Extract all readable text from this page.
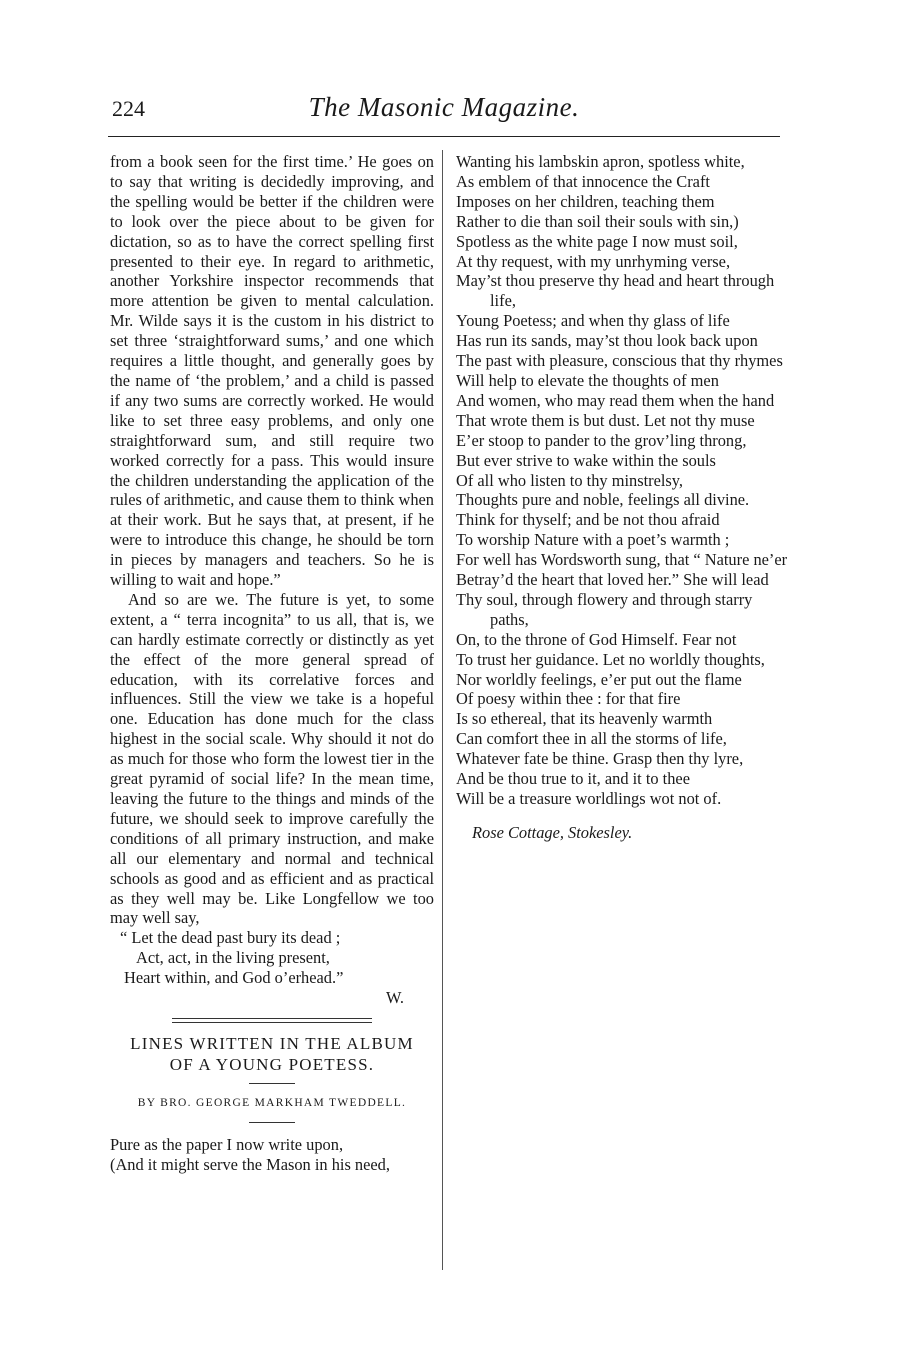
224	The Masonic Magazine.

from a book seen for the first time.’ He goes on to say that writing is decidedly improving, and the spelling would be better if the children were to look over the piece about to be given for dictation, so as to have the correct spelling first presented to their eye. In regard to arithmetic, another Yorkshire inspector recommends that more attention be given to mental calculation. Mr. Wilde says it is the custom in his district to set three ‘straightforward sums,’ and one which requires a little thought, and generally goes by the name of ‘the problem,’ and a child is passed if any two sums are correctly worked. He would like to set three easy problems, and only one straightforward sum, and still require two worked correctly for a pass. This would insure the children understanding the application of the rules of arithmetic, and cause them to think when at their work. But he says that, at present, if he were to introduce this change, he should be torn in pieces by managers and teachers. So he is willing to wait and hope.”

And so are we. The future is yet, to some extent, a “ terra incognita” to us all, that is, we can hardly estimate correctly or distinctly as yet the effect of the more general spread of education, with its correlative forces and influences. Still the view we take is a hopeful one. Education has done much for the class highest in the social scale. Why should it not do as much for those who form the lowest tier in the great pyramid of social life? In the mean time, leaving the future to the things and minds of the future, we should seek to improve carefully the conditions of all primary instruction, and make all our elementary and normal and technical schools as good and as efficient and as practical as they well may be. Like Longfellow we too may well say,

“ Let the dead past bury its dead ;
Act, act, in the living present,
Heart within, and God o’erhead.”
W.
LINES WRITTEN IN THE ALBUM
OF A YOUNG POETESS.
BY BRO. GEORGE MARKHAM TWEDDELL.
Pure as the paper I now write upon,
(And it might serve the Mason in his need,
Wanting his lambskin apron, spotless white,
As emblem of that innocence the Craft
Imposes on her children, teaching them
Rather to die than soil their souls with sin,)
Spotless as the white page I now must soil,
At thy request, with my unrhyming verse,
May’st thou preserve thy head and heart through life,
Young Poetess; and when thy glass of life
Has run its sands, may’st thou look back upon
The past with pleasure, conscious that thy rhymes
Will help to elevate the thoughts of men
And women, who may read them when the hand
That wrote them is but dust. Let not thy muse
E’er stoop to pander to the grov’ling throng,
But ever strive to wake within the souls
Of all who listen to thy minstrelsy,
Thoughts pure and noble, feelings all divine.
Think for thyself; and be not thou afraid
To worship Nature with a poet’s warmth ;
For well has Wordsworth sung, that “ Nature ne’er
Betray’d the heart that loved her.” She will lead
Thy soul, through flowery and through starry paths,
On, to the throne of God Himself. Fear not
To trust her guidance. Let no worldly thoughts,
Nor worldly feelings, e’er put out the flame
Of poesy within thee : for that fire
Is so ethereal, that its heavenly warmth
Can comfort thee in all the storms of life,
Whatever fate be thine. Grasp then thy lyre,
And be thou true to it, and it to thee
Will be a treasure worldlings wot not of.
Rose Cottage, Stokesley.
